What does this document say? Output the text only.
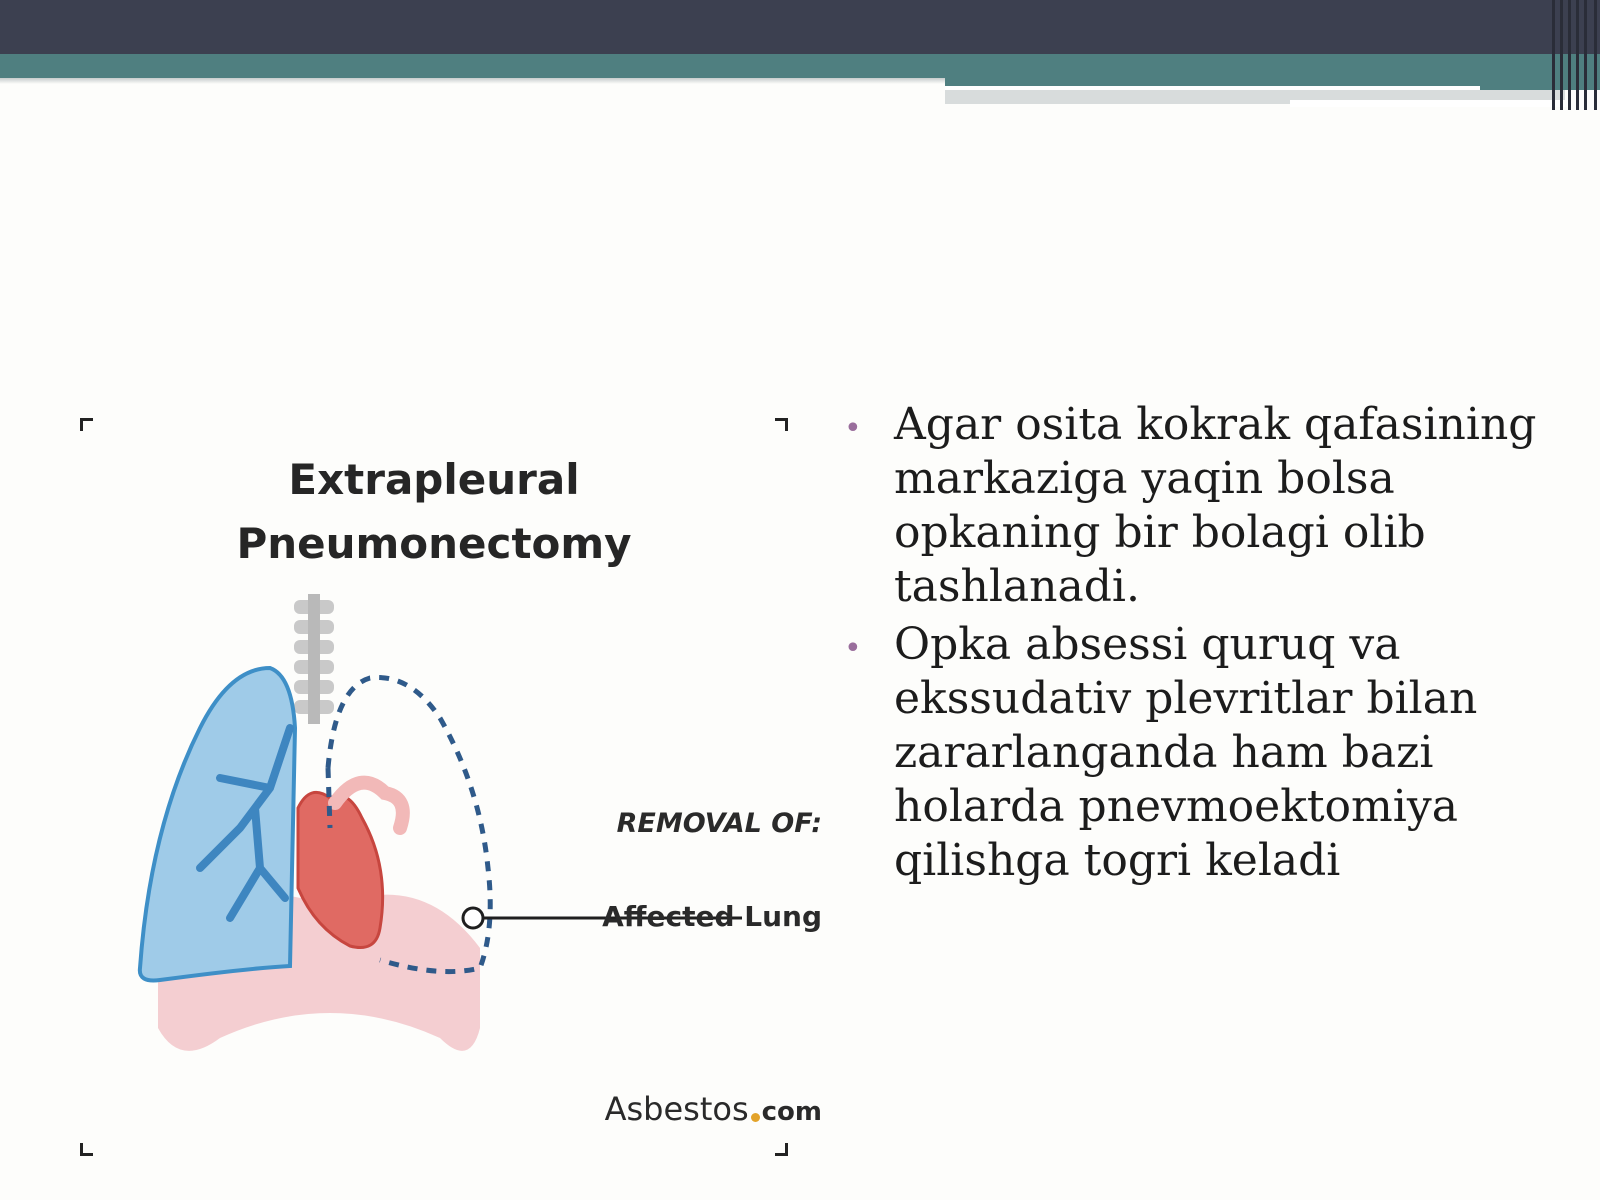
Extrapleural
Pneumonectomy
REMOVAL OF:
Affected Lung
Asbestos com
• Agar osita kokrak qafasining markaziga yaqin bolsa opkaning bir bolagi olib tashlanadi.
• Opka absessi quruq va ekssudativ plevritlar bilan zararlanganda ham bazi holarda pnevmoektomiya qilishga togri keladi
